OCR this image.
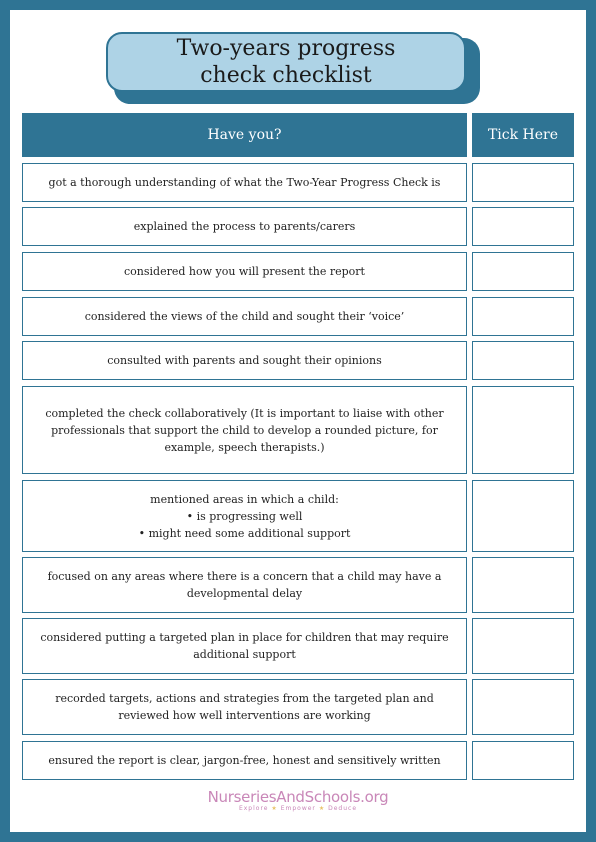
Two-years progress check checklist
Have you?	Tick Here
got a thorough understanding of what the Two-Year Progress Check is
explained the process to parents/carers
considered how you will present the report
considered the views of the child and sought their ‘voice’
consulted with parents and sought their opinions
completed the check collaboratively (It is important to liaise with other professionals that support the child to develop a rounded picture, for example, speech therapists.)
mentioned areas in which a child:
• is progressing well
• might need some additional support
focused on any areas where there is a concern that a child may have a developmental delay
considered putting a targeted plan in place for children that may require additional support
recorded targets, actions and strategies from the targeted plan and reviewed how well interventions are working
ensured the report is clear, jargon-free, honest and sensitively written
NurseriesAndSchools.org
Explore ★ Empower ★ Deduce
